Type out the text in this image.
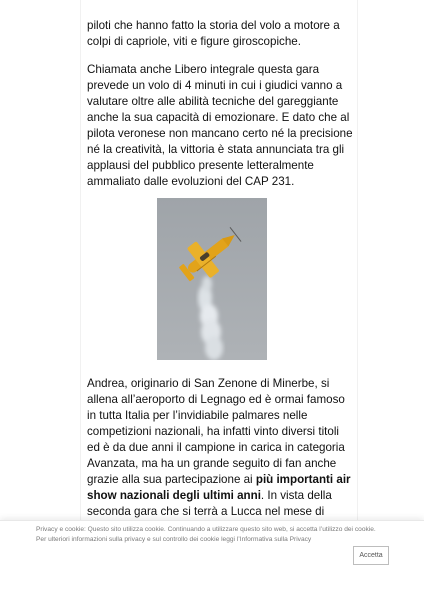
piloti che hanno fatto la storia del volo a motore a colpi di capriole, viti e figure giroscopiche.

Chiamata anche Libero integrale questa gara prevede un volo di 4 minuti in cui i giudici vanno a valutare oltre alle abilità tecniche del gareggiante anche la sua capacità di emozionare. E dato che al pilota veronese non mancano certo né la precisione né la creatività, la vittoria è stata annunciata tra gli applausi del pubblico presente letteralmente ammaliato dalle evoluzioni del CAP 231.

Andrea, originario di San Zenone di Minerbe, si allena all’aeroporto di Legnago ed è ormai famoso in tutta Italia per l’invidiabile palmares nelle competizioni nazionali, ha infatti vinto diversi titoli ed è da due anni il campione in carica in categoria Avanzata, ma ha un grande seguito di fan anche grazie alla sua partecipazione ai più importanti air show nazionali degli ultimi anni. In vista della seconda gara che si terrà a Lucca nel mese di

Privacy e cookie: Questo sito utilizza cookie. Continuando a utilizzare questo sito web, si accetta l’utilizzo dei cookie. Per ulteriori informazioni sulla privacy e sul controllo dei cookie leggi l’Informativa sulla Privacy

Accetta
